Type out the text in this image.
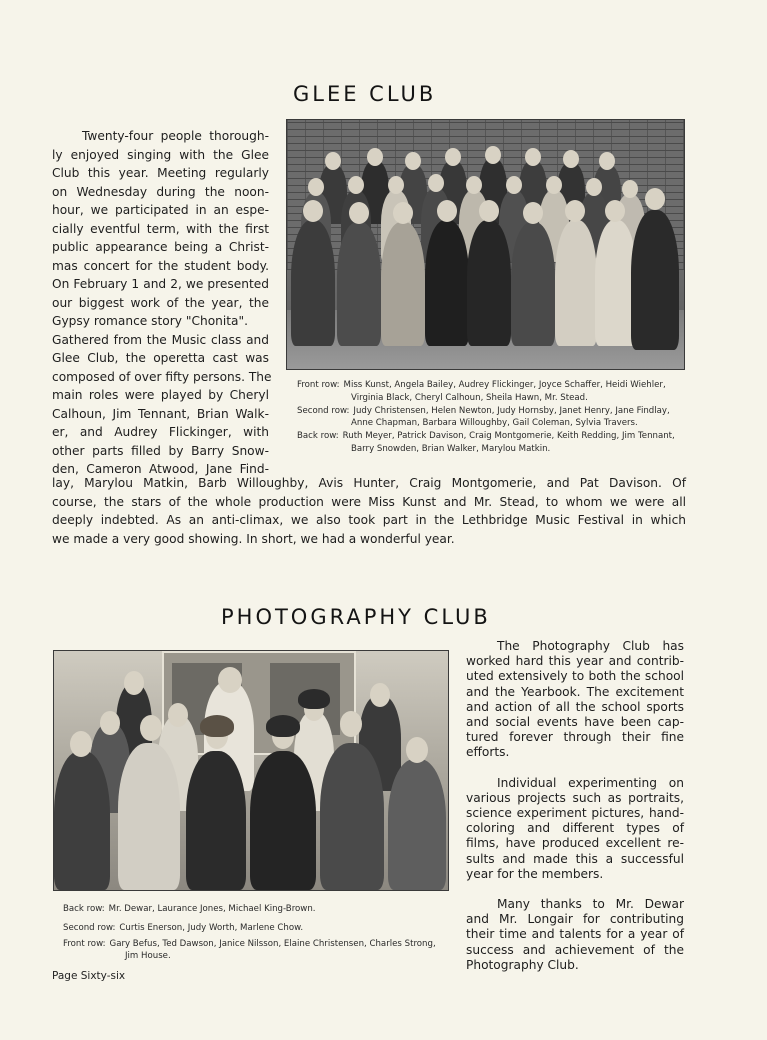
GLEE CLUB
Twenty-four people thorough-
ly enjoyed singing with the Glee
Club this year. Meeting regularly
on Wednesday during the noon-
hour, we participated in an espe-
cially eventful term, with the first
public appearance being a Christ-
mas concert for the student body.
On February 1 and 2, we presented
our biggest work of the year, the
Gypsy romance story "Chonita".
Gathered from the Music class and
Glee Club, the operetta cast was
composed of over fifty persons. The
main roles were played by Cheryl
Calhoun, Jim Tennant, Brian Walk-
er, and Audrey Flickinger, with
other parts filled by Barry Snow-
den, Cameron Atwood, Jane Find-
Front row: Miss Kunst, Angela Bailey, Audrey Flickinger, Joyce Schaffer, Heidi Wiehler, Virginia Black, Cheryl Calhoun, Sheila Hawn, Mr. Stead.
Second row: Judy Christensen, Helen Newton, Judy Hornsby, Janet Henry, Jane Findlay, Anne Chapman, Barbara Willoughby, Gail Coleman, Sylvia Travers.
Back row: Ruth Meyer, Patrick Davison, Craig Montgomerie, Keith Redding, Jim Tennant, Barry Snowden, Brian Walker, Marylou Matkin.
lay, Marylou Matkin, Barb Willoughby, Avis Hunter, Craig Montgomerie, and Pat Davison. Of
course, the stars of the whole production were Miss Kunst and Mr. Stead, to whom we were all
deeply indebted. As an anti-climax, we also took part in the Lethbridge Music Festival in which
we made a very good showing. In short, we had a wonderful year.
PHOTOGRAPHY CLUB
Back row: Mr. Dewar, Laurance Jones, Michael King-Brown.
Second row: Curtis Enerson, Judy Worth, Marlene Chow.
Front row: Gary Befus, Ted Dawson, Janice Nilsson, Elaine Christensen, Charles Strong, Jim House.
The Photography Club has
worked hard this year and contrib-
uted extensively to both the school
and the Yearbook. The excitement
and action of all the school sports
and social events have been cap-
tured forever through their fine
efforts.
Individual experimenting on
various projects such as portraits,
science experiment pictures, hand-
coloring and different types of
films, have produced excellent re-
sults and made this a successful
year for the members.
Many thanks to Mr. Dewar
and Mr. Longair for contributing
their time and talents for a year of
success and achievement of the
Photography Club.
Page Sixty-six
